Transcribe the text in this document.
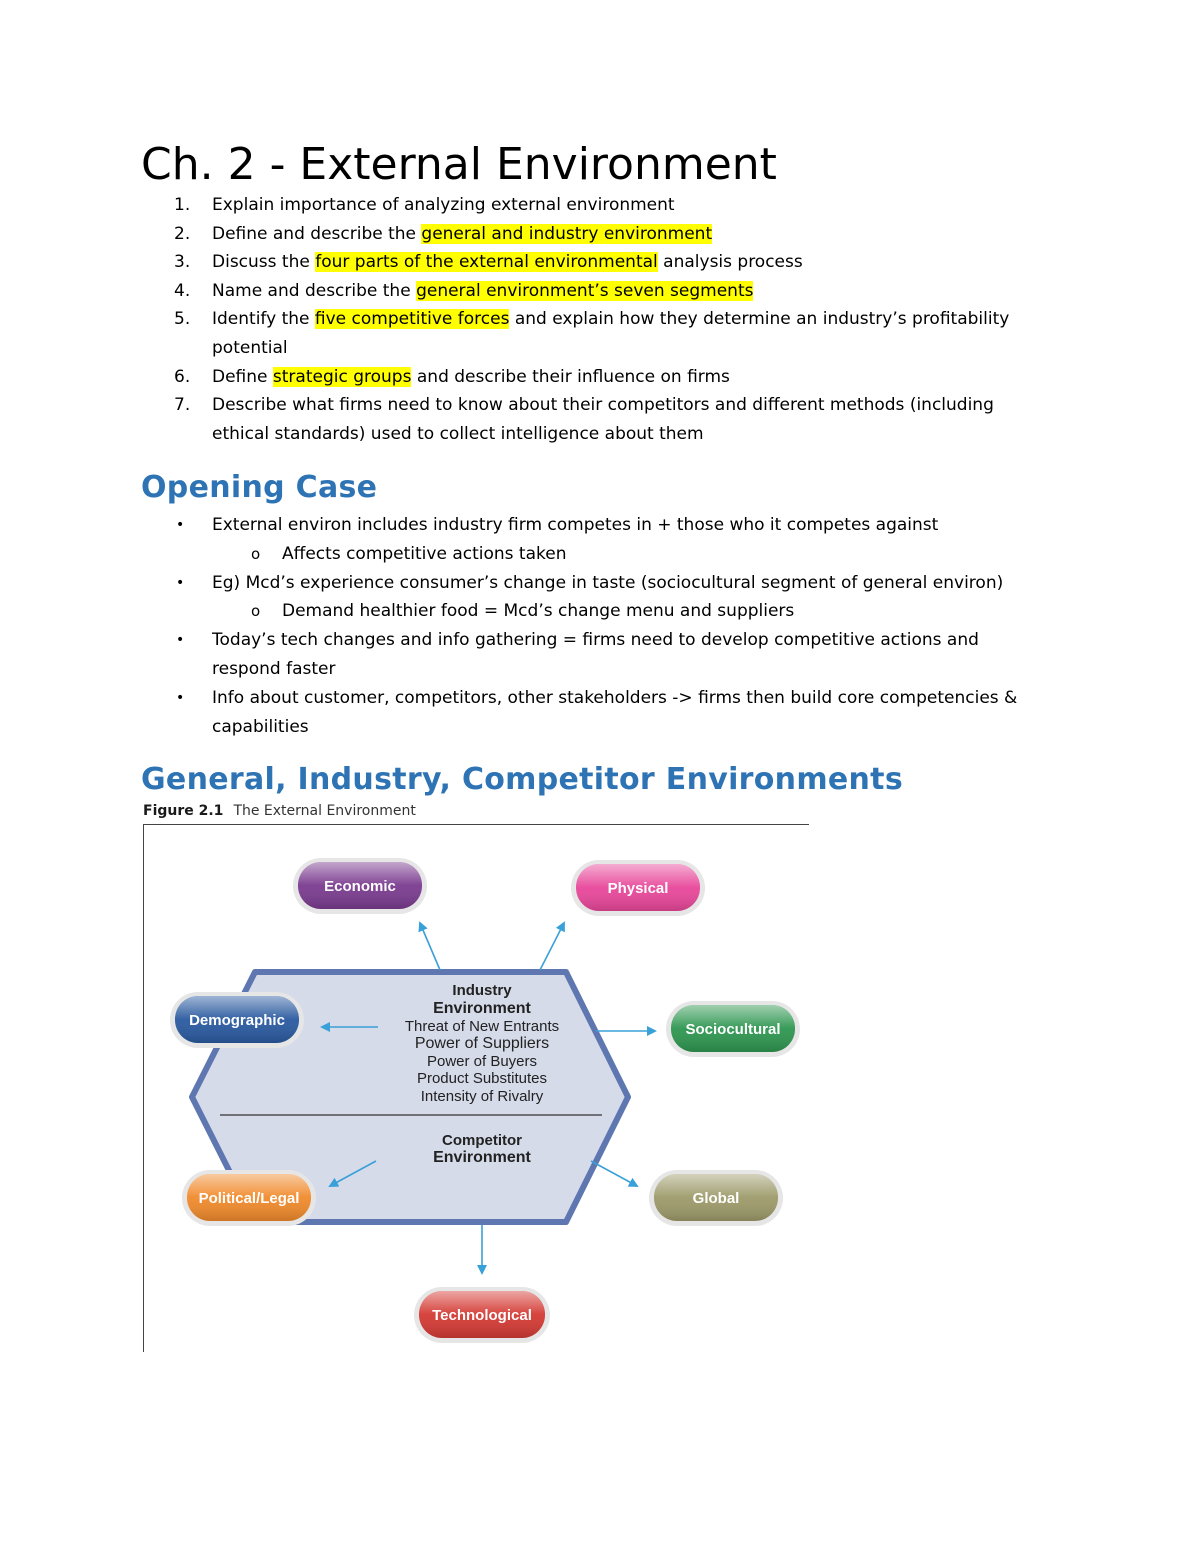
Ch. 2 - External Environment
1. Explain importance of analyzing external environment
2. Define and describe the general and industry environment
3. Discuss the four parts of the external environmental analysis process
4. Name and describe the general environment’s seven segments
5. Identify the five competitive forces and explain how they determine an industry’s profitability potential
6. Define strategic groups and describe their influence on firms
7. Describe what firms need to know about their competitors and different methods (including ethical standards) used to collect intelligence about them
Opening Case
• External environ includes industry firm competes in + those who it competes against
o Affects competitive actions taken
• Eg) Mcd’s experience consumer’s change in taste (sociocultural segment of general environ)
o Demand healthier food = Mcd’s change menu and suppliers
• Today’s tech changes and info gathering = firms need to develop competitive actions and respond faster
• Info about customer, competitors, other stakeholders -> firms then build core competencies & capabilities
General, Industry, Competitor Environments
Figure 2.1 The External Environment
Industry
Environment
Threat of New Entrants
Power of Suppliers
Power of Buyers
Product Substitutes
Intensity of Rivalry
Competitor
Environment
Economic	Physical
Demographic
Sociocultural
Political/Legal	Global
Technological
